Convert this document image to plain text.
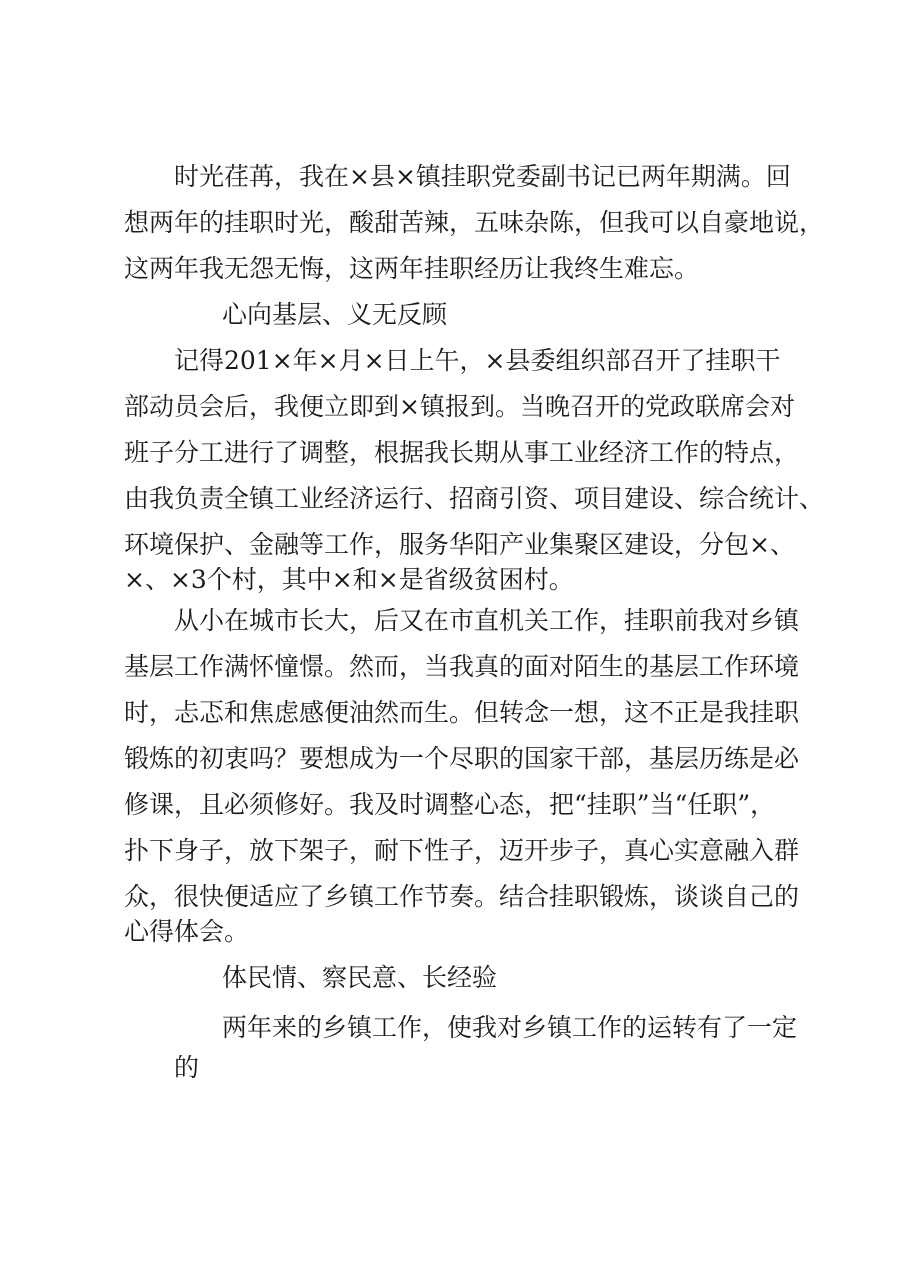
时光荏苒，我在×县×镇挂职党委副书记已两年期满。回
想两年的挂职时光，酸甜苦辣，五味杂陈，但我可以自豪地说，
这两年我无怨无悔，这两年挂职经历让我终生难忘。
心向基层、义无反顾
记得201×年×月×日上午，×县委组织部召开了挂职干
部动员会后，我便立即到×镇报到。当晚召开的党政联席会对
班子分工进行了调整，根据我长期从事工业经济工作的特点，
由我负责全镇工业经济运行、招商引资、项目建设、综合统计、
环境保护、金融等工作，服务华阳产业集聚区建设，分包×、
×、×3个村，其中×和×是省级贫困村。
从小在城市长大，后又在市直机关工作，挂职前我对乡镇
基层工作满怀憧憬。然而，当我真的面对陌生的基层工作环境
时，忐忑和焦虑感便油然而生。但转念一想，这不正是我挂职
锻炼的初衷吗？要想成为一个尽职的国家干部，基层历练是必
修课，且必须修好。我及时调整心态，把“挂职”当“任职”，
扑下身子，放下架子，耐下性子，迈开步子，真心实意融入群
众，很快便适应了乡镇工作节奏。结合挂职锻炼，谈谈自己的
心得体会。
体民情、察民意、长经验
两年来的乡镇工作，使我对乡镇工作的运转有了一定
的
